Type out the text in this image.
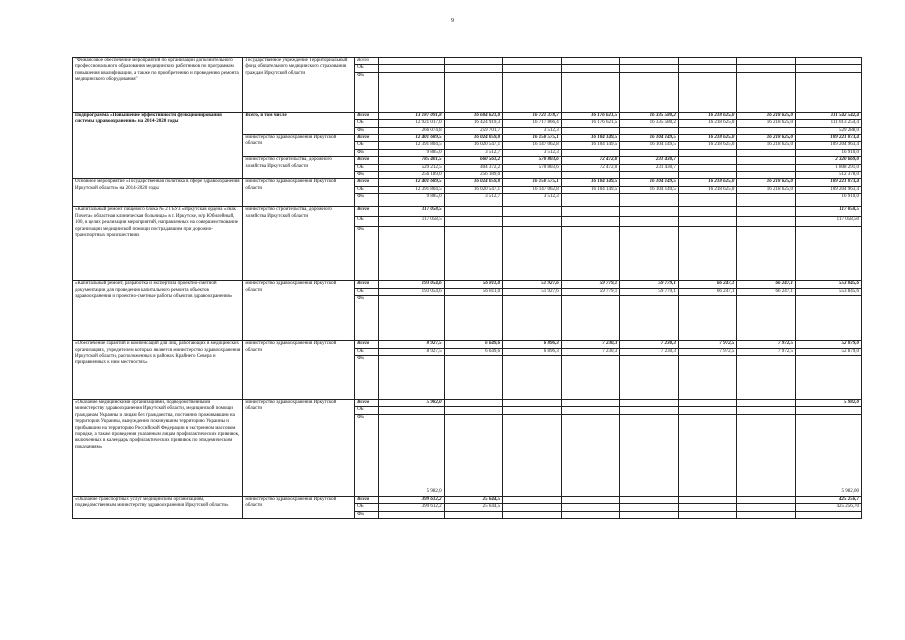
9
"Финансовое обеспечение мероприятий по организации дополнительного профессионального образования медицинских работников по программам повышения квалификации, а также по приобретению и проведению ремонта медицинского оборудования"	Государственное учреждение Территориальный фонд обязательного медицинского страхования граждан Иркутской области	Всего								
		ОБ								
		ФБ								
Подпрограмма «Повышение эффективности функционирования системы здравоохранения» на 2014-2020 годы	Всего, в том числе	Всего	13 187 091,8	16 684 621,0	16 721 378,7	16 176 621,5	16 335 580,2	16 218 625,0	16 218 625,0	111 542 542,4
		ОБ	12 921 017,0	16 424 919,3	16 717 866,4	16 176 621,5	16 335 580,2	16 218 625,0	16 218 625,0	111 013 254,4
		ФБ	266 074,8	259 701,7	3 512,3					529 288,0
	министерство здравоохранения Иркутской области	Всего	12 401 689,5	16 024 059,8	16 150 575,1	16 104 149,5	16 104 149,5	16 218 625,0	16 218 625,0	109 221 873,4
		ОБ	12 391 804,5	16 020 547,1	16 147 062,8	16 104 149,5	16 104 149,5	16 218 625,0	16 218 625,0	109 204 963,4
		ФБ	9 885,0	3 512,7	3 512,3					16 910,0
	министерство строительства, дорожного хозяйства Иркутской области	Всего	785 401,5	660 561,2	570 803,6	72 472,0	231 430,7			2 320 669,0
		ОБ	529 212,5	404 372,2	570 803,6	72 472,0	231 430,7			1 808 291,0
		ФБ	256 189,0	256 189,0						512 378,0
Основное мероприятие «Государственная политика в сфере здравоохранения Иркутской области» на 2014-2020 годы	министерство здравоохранения Иркутской области	Всего	12 401 689,5	16 024 059,8	16 150 575,1	16 104 149,5	16 104 149,5	16 218 625,0	16 218 625,0	109 221 873,4
		ОБ	12 391 804,5	16 020 547,1	16 147 062,8	16 104 149,5	16 104 149,5	16 218 625,0	16 218 625,0	109 204 963,4
		ФБ	9 885,0	3 512,7	3 512,3					16 910,0
«Капитальный ремонт пищевого блока № 2 ГБУЗ «Иркутская ордена «Знак Почета» областная клиническая больница» в г. Иркутске, м/р Юбилейный, 100, в целях реализации мероприятий, направленных на совершенствование организации медицинской помощи пострадавшим при дорожно-транспортных происшествиях	министерство строительства, дорожного хозяйства Иркутской области	Всего	117 058,5							117 058,5
		ОБ	117 058,5							117 058,50
		ФБ								
«Капитальный ремонт, разработка и экспертиза проектно-сметной документации для проведения капитального ремонта объектов здравоохранения и проектно-сметные работы объектов здравоохранения»	министерство здравоохранения Иркутской области	Всего	193 054,6	56 811,0	51 927,6	59 779,1	59 779,1	66 247,1	66 247,1	553 845,6
		ОБ	193 054,6	56 811,0	51 927,6	59 779,1	59 779,1	66 247,1	66 247,1	553 845,6
		ФБ								
«Обеспечение гарантий и компенсаций для лиц, работающих в медицинских организациях, учредителем которых является министерство здравоохранения Иркутской области, расположенных в районах Крайнего Севера и приравненных к ним местностях»	министерство здравоохранения Иркутской области	Всего	8 927,5	6 649,6	6 896,3	7 230,3	7 230,3	7 972,5	7 972,5	52 879,0
		ОБ	8 927,5	6 649,6	6 896,3	7 230,3	7 230,3	7 972,5	7 972,5	52 879,0
		ФБ								
«Оказание медицинскими организациями, подведомственными министерству здравоохранения Иркутской области, медицинской помощи гражданам Украины и лицам без гражданства, постоянно проживавшим на территории Украины, вынужденно покинувшим территорию Украины и прибывшим на территорию Российской Федерации в экстренном массовом порядке, а также проведения указанным лицам профилактических прививок, включенных в календарь профилактических прививок по эпидемическим показаниям»	министерство здравоохранения Иркутской области	Всего	5 982,0							5 982,0
		ОБ								
		ФБ	5 982,0							5 982,00
«Оказание транспортных услуг медицинским организациям, подведомственным министерству здравоохранения Иркутской области»	министерство здравоохранения Иркутской области	Всего	399 612,2	25 644,5						425 256,7
		ОБ	399 612,2	25 644,5						425 256,70
		ФБ								
